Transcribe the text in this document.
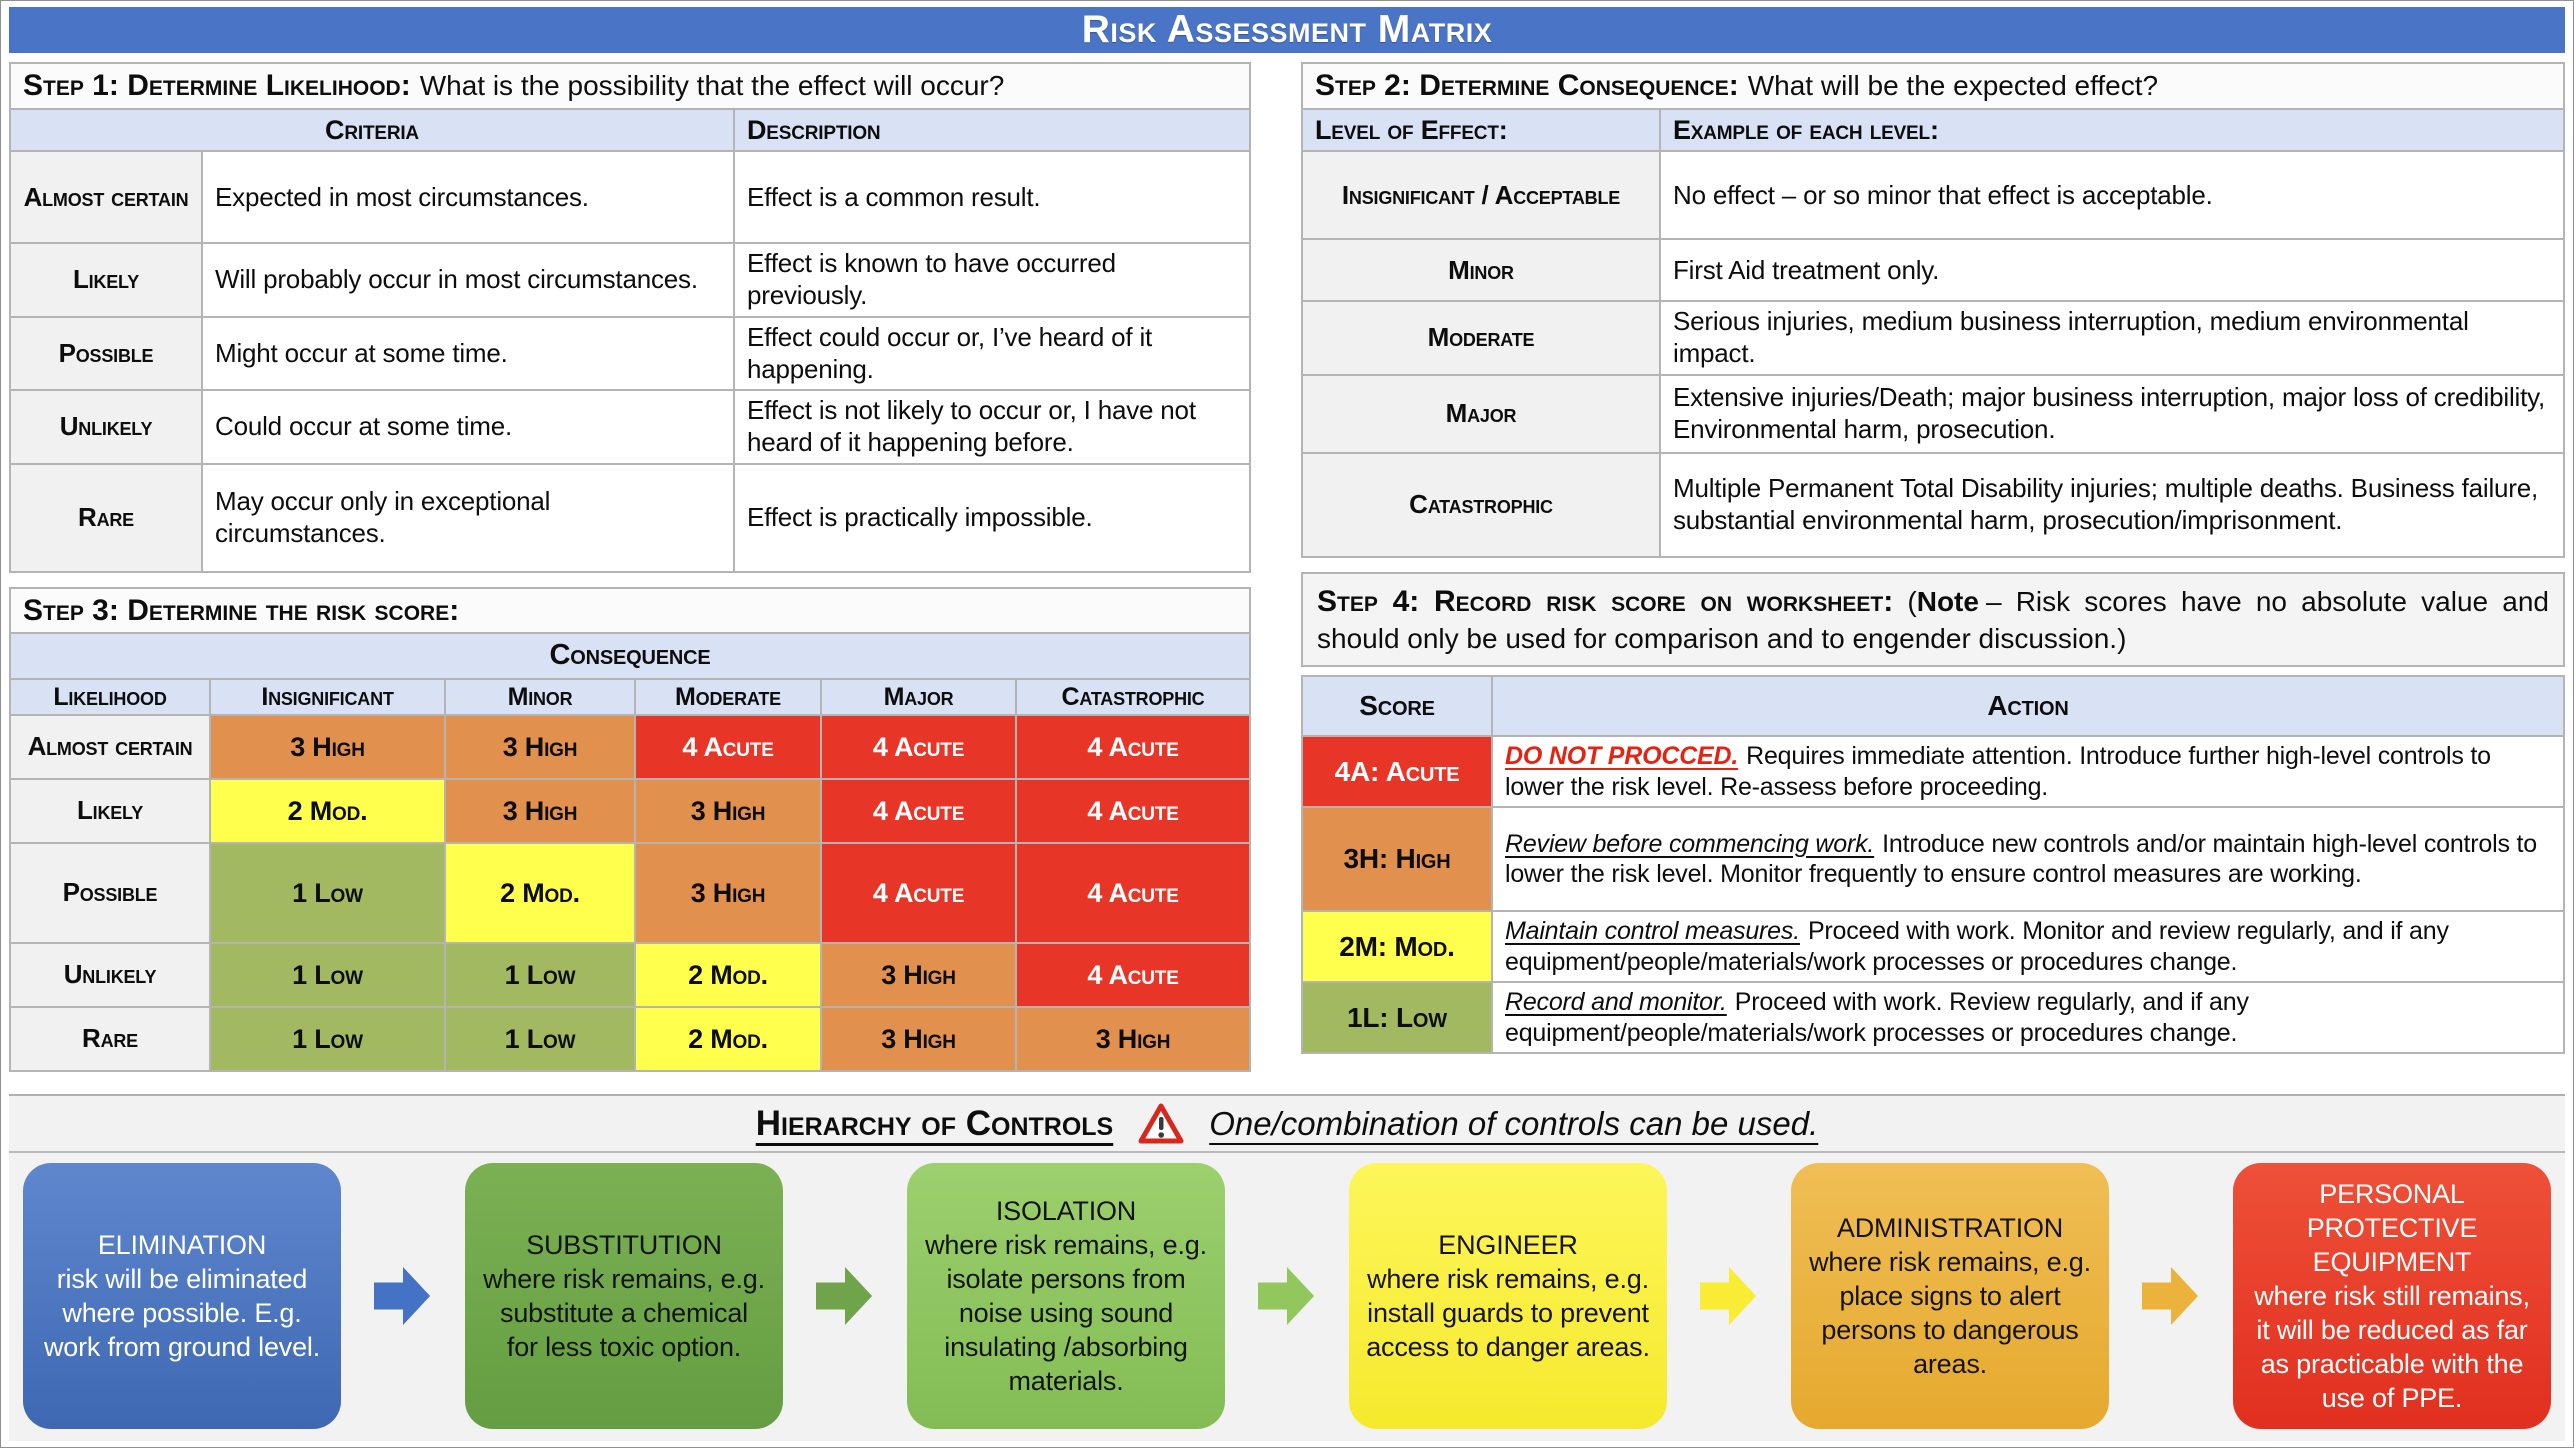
Risk Assessment Matrix
Step 1: Determine Likelihood: What is the possibility that the effect will occur?
Criteria		Description
Almost certain	Expected in most circumstances.	Effect is a common result.
Likely	Will probably occur in most circumstances.	Effect is known to have occurred previously.
Possible	Might occur at some time.	Effect could occur or, I’ve heard of it happening.
Unlikely	Could occur at some time.	Effect is not likely to occur or, I have not heard of it happening before.
Rare	May occur only in exceptional circumstances.	Effect is practically impossible.
Step 3: Determine the risk score:
Consequence					
Likelihood	Insignificant	Minor	Moderate	Major	Catastrophic
Almost certain	3 High	3 High	4 Acute	4 Acute	4 Acute
Likely	2 Mod.	3 High	3 High	4 Acute	4 Acute
Possible	1 Low	2 Mod.	3 High	4 Acute	4 Acute
Unlikely	1 Low	1 Low	2 Mod.	3 High	4 Acute
Rare	1 Low	1 Low	2 Mod.	3 High	3 High
Step 2: Determine Consequence: What will be the expected effect?
Level of Effect:	Example of each level:
Insignificant / Acceptable	No effect – or so minor that effect is acceptable.
Minor	First Aid treatment only.
Moderate	Serious injuries, medium business interruption, medium environmental impact.
Major	Extensive injuries/Death; major business interruption, major loss of credibility, Environmental harm, prosecution.
Catastrophic	Multiple Permanent Total Disability injuries; multiple deaths. Business failure, substantial environmental harm, prosecution/imprisonment.
Step 4: Record risk score on worksheet: (Note – Risk scores have no absolute value and should only be used for comparison and to engender discussion.)
Score	Action
4A: Acute	DO NOT PROCCED. Requires immediate attention. Introduce further high-level controls to lower the risk level. Re-assess before proceeding.
3H: High	Review before commencing work. Introduce new controls and/or maintain high-level controls to lower the risk level. Monitor frequently to ensure control measures are working.
2M: Mod.	Maintain control measures. Proceed with work. Monitor and review regularly, and if any equipment/people/materials/work processes or procedures change.
1L: Low	Record and monitor. Proceed with work. Review regularly, and if any equipment/people/materials/work processes or procedures change.
Hierarchy of Controls	One/combination of controls can be used.
ELIMINATION
risk will be eliminated where possible. E.g. work from ground level.
SUBSTITUTION
where risk remains, e.g. substitute a chemical for less toxic option.
ISOLATION
where risk remains, e.g. isolate persons from noise using sound insulating /absorbing materials.
ENGINEER
where risk remains, e.g. install guards to prevent access to danger areas.
ADMINISTRATION
where risk remains, e.g. place signs to alert persons to dangerous areas.
PERSONAL PROTECTIVE EQUIPMENT
where risk still remains, it will be reduced as far as practicable with the use of PPE.
